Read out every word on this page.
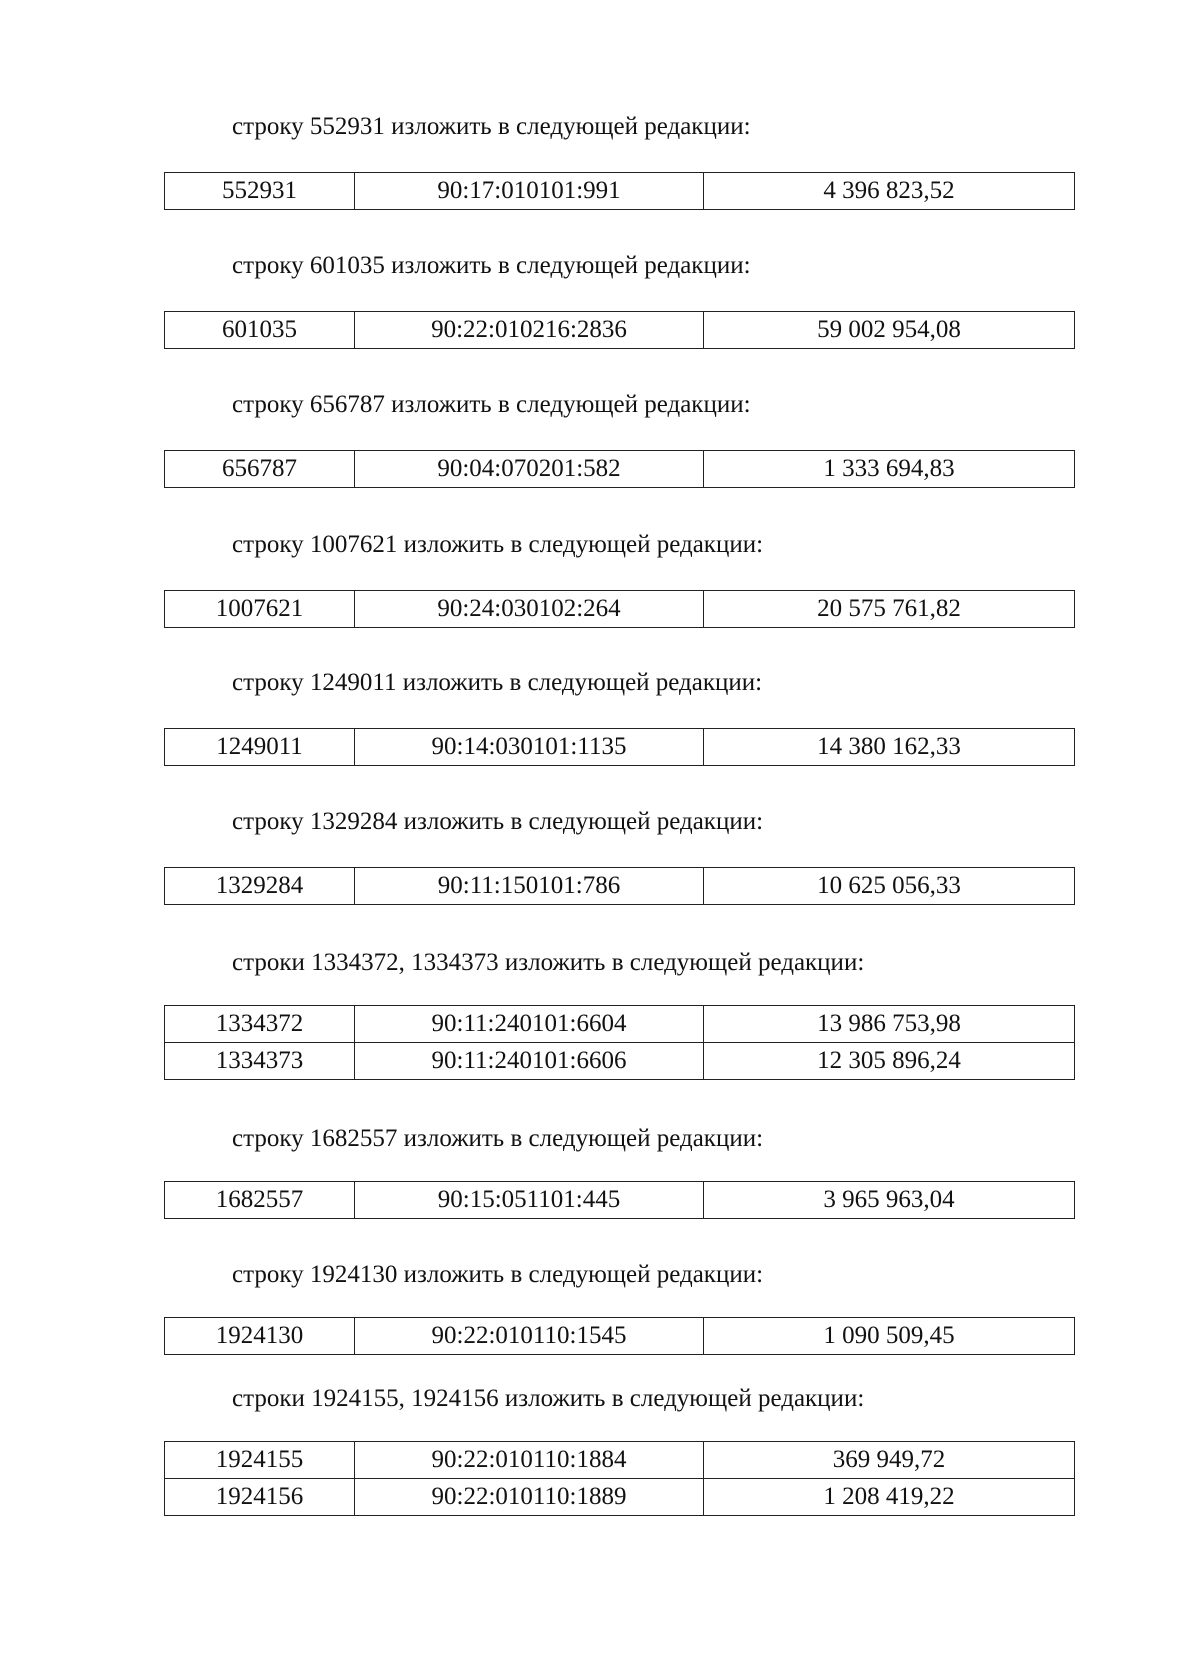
строку 552931 изложить в следующей редакции:

552931	90:17:010101:991	4 396 823,52

строку 601035 изложить в следующей редакции:

601035	90:22:010216:2836	59 002 954,08

строку 656787 изложить в следующей редакции:

656787	90:04:070201:582	1 333 694,83

строку 1007621 изложить в следующей редакции:

1007621	90:24:030102:264	20 575 761,82

строку 1249011 изложить в следующей редакции:

1249011	90:14:030101:1135	14 380 162,33

строку 1329284 изложить в следующей редакции:

1329284	90:11:150101:786	10 625 056,33

строки 1334372, 1334373 изложить в следующей редакции:

1334372	90:11:240101:6604	13 986 753,98
1334373	90:11:240101:6606	12 305 896,24

строку 1682557 изложить в следующей редакции:

1682557	90:15:051101:445	3 965 963,04

строку 1924130 изложить в следующей редакции:

1924130	90:22:010110:1545	1 090 509,45

строки 1924155, 1924156 изложить в следующей редакции:

1924155	90:22:010110:1884	369 949,72
1924156	90:22:010110:1889	1 208 419,22
